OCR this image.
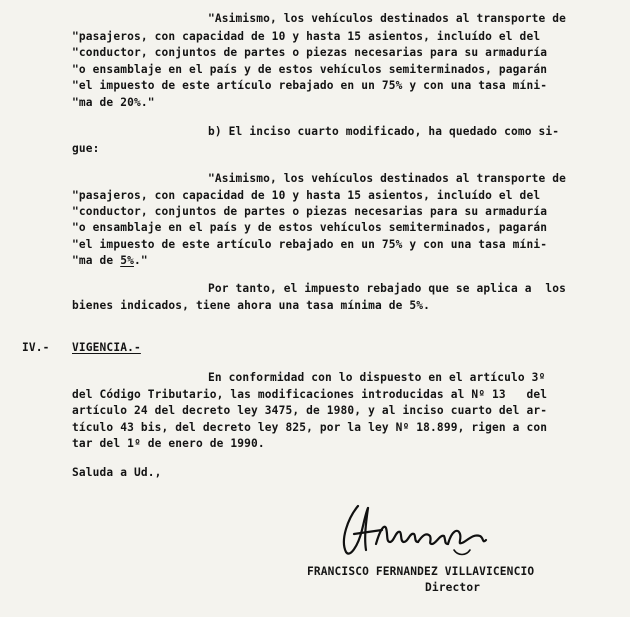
"Asimismo, los vehículos destinados al transporte de
"pasajeros, con capacidad de 10 y hasta 15 asientos, incluído el del
"conductor, conjuntos de partes o piezas necesarias para su armaduría
"o ensamblaje en el país y de estos vehículos semiterminados, pagarán
"el impuesto de este artículo rebajado en un 75% y con una tasa míni-
"ma de 20%."
b) El inciso cuarto modificado, ha quedado como si-
gue:
"Asimismo, los vehículos destinados al transporte de
"pasajeros, con capacidad de 10 y hasta 15 asientos, incluído el del
"conductor, conjuntos de partes o piezas necesarias para su armaduría
"o ensamblaje en el país y de estos vehículos semiterminados, pagarán
"el impuesto de este artículo rebajado en un 75% y con una tasa míni-
"ma de 5%."
Por tanto, el impuesto rebajado que se aplica a  los
bienes indicados, tiene ahora una tasa mínima de 5%.
IV.- VIGENCIA.-
En conformidad con lo dispuesto en el artículo 3º
del Código Tributario, las modificaciones introducidas al Nº 13   del
artículo 24 del decreto ley 3475, de 1980, y al inciso cuarto del ar-
tículo 43 bis, del decreto ley 825, por la ley Nº 18.899, rigen a con
tar del 1º de enero de 1990.
Saluda a Ud.,
FRANCISCO FERNANDEZ VILLAVICENCIO
Director
